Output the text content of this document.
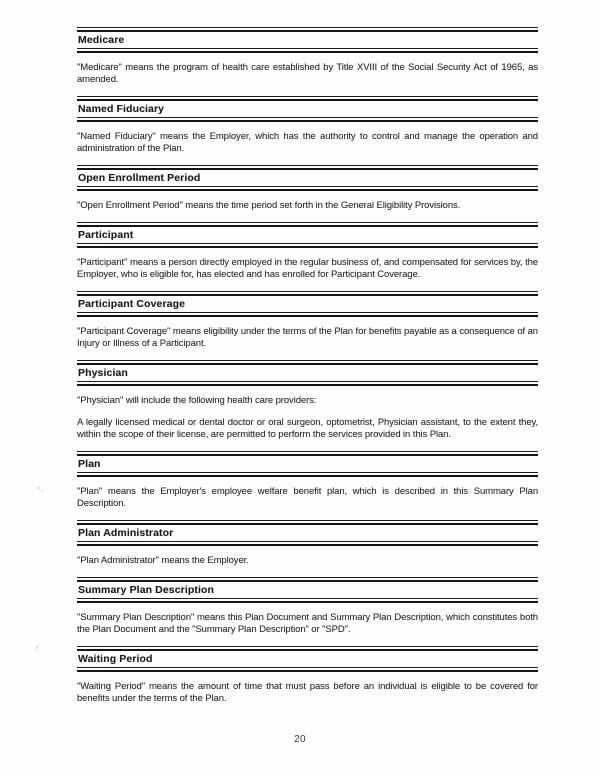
Medicare

"Medicare" means the program of health care established by Title XVIII of the Social Security Act of 1965, as amended.

Named Fiduciary

"Named Fiduciary" means the Employer, which has the authority to control and manage the operation and administration of the Plan.

Open Enrollment Period

"Open Enrollment Period" means the time period set forth in the General Eligibility Provisions.

Participant

"Participant" means a person directly employed in the regular business of, and compensated for services by, the Employer, who is eligible for, has elected and has enrolled for Participant Coverage.

Participant Coverage

"Participant Coverage" means eligibility under the terms of the Plan for benefits payable as a consequence of an Injury or Illness of a Participant.

Physician

"Physician" will include the following health care providers:

A legally licensed medical or dental doctor or oral surgeon, optometrist, Physician assistant, to the extent they, within the scope of their license, are permitted to perform the services provided in this Plan.

Plan

"Plan" means the Employer's employee welfare benefit plan, which is described in this Summary Plan Description.

Plan Administrator

"Plan Administrator" means the Employer.

Summary Plan Description

"Summary Plan Description" means this Plan Document and Summary Plan Description, which constitutes both the Plan Document and the "Summary Plan Description" or "SPD".

Waiting Period

"Waiting Period" means the amount of time that must pass before an individual is eligible to be covered for benefits under the terms of the Plan.

20
